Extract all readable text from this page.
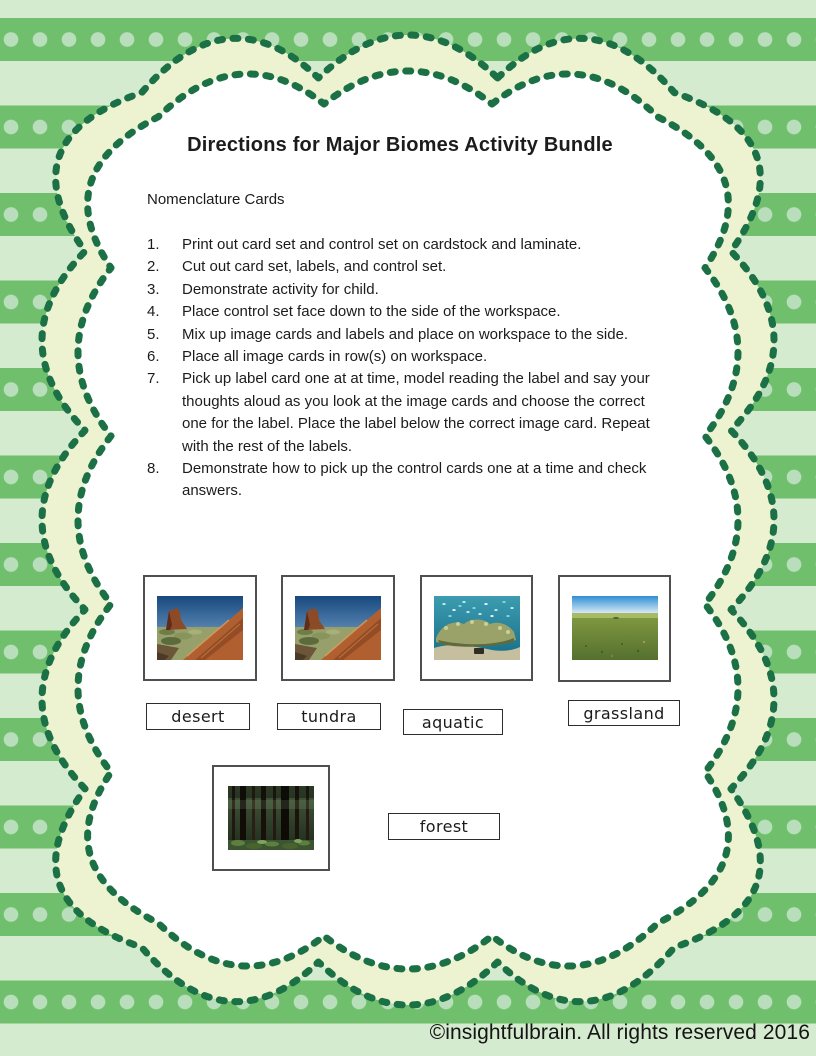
Directions for Major Biomes Activity Bundle
Nomenclature Cards
Print out card set and control set on cardstock and laminate.
Cut out card set, labels, and control set.
Demonstrate activity for child.
Place control set face down to the side of the workspace.
Mix up image cards and labels and place on workspace to the side.
Place all image cards in row(s) on workspace.
Pick up label card one at at time, model reading the label and say your thoughts aloud as you look at the image cards and choose the correct one for the label. Place the label below the correct image card. Repeat with the rest of the labels.
Demonstrate how to pick up the control cards one at a time and check answers.
desert	tundra	aquatic	grassland
forest
©insightfulbrain. All rights reserved 2016
